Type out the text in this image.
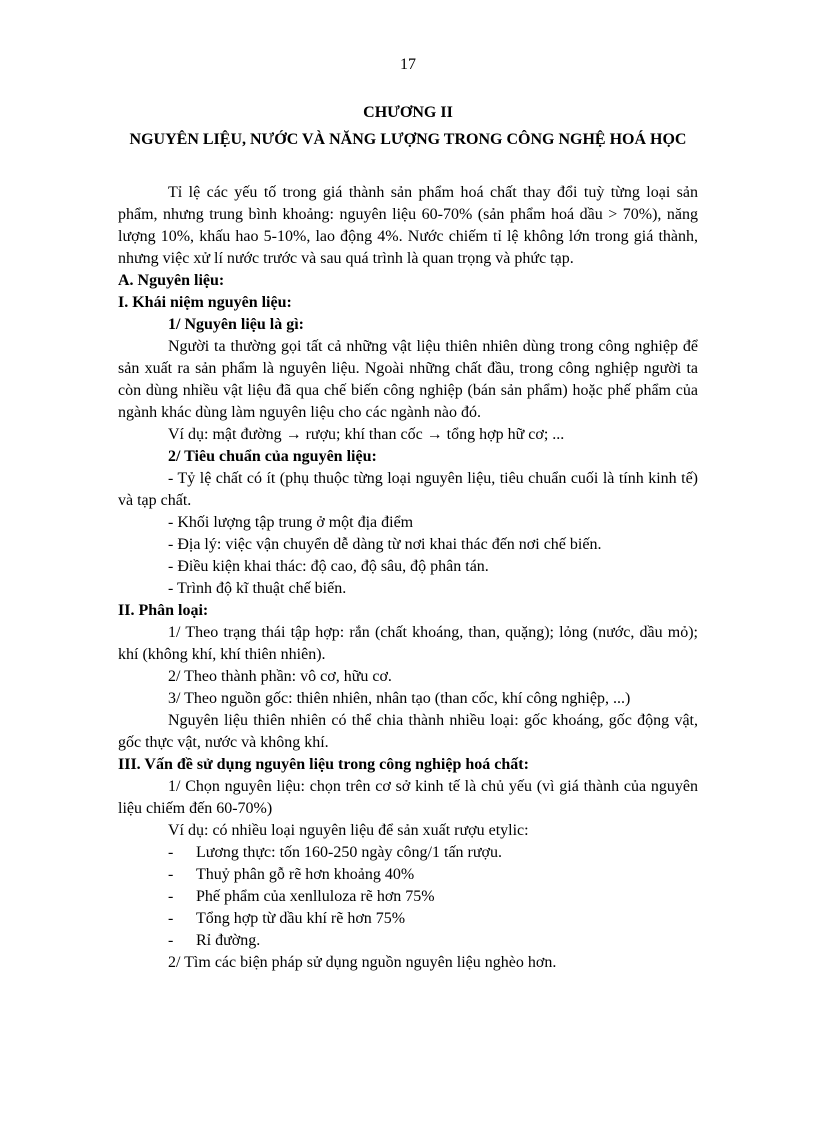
17
CHƯƠNG II
NGUYÊN LIỆU, NƯỚC VÀ NĂNG LƯỢNG TRONG CÔNG NGHỆ HOÁ HỌC

Tỉ lệ các yếu tố trong giá thành sản phẩm hoá chất thay đổi tuỳ từng loại sản

phẩm, nhưng trung bình khoảng: nguyên liệu 60-70% (sản phẩm hoá dầu > 70%), năng

lượng 10%, khấu hao 5-10%, lao động 4%. Nước chiếm tỉ lệ không lớn trong giá thành,

nhưng việc xử lí nước trước và sau quá trình là quan trọng và phức tạp.

A. Nguyên liệu:

I. Khái niệm nguyên liệu:

1/ Nguyên liệu là gì:

Người ta thường gọi tất cả những vật liệu thiên nhiên dùng trong công nghiệp để

sản xuất ra sản phẩm là nguyên liệu. Ngoài những chất đầu, trong công nghiệp người ta

còn dùng nhiều vật liệu đã qua chế biến công nghiệp (bán sản phẩm) hoặc phế phẩm của

ngành khác dùng làm nguyên liệu cho các ngành nào đó.

Ví dụ: mật đường → rượu; khí than cốc → tổng hợp hữ cơ; ...

2/ Tiêu chuẩn của nguyên liệu:

- Tỷ lệ chất có ít (phụ thuộc từng loại nguyên liệu, tiêu chuẩn cuối là tính kinh tế)

và tạp chất.

- Khối lượng tập trung ở một địa điểm

- Địa lý: việc vận chuyển dễ dàng từ nơi khai thác đến nơi chế biến.

- Điều kiện khai thác: độ cao, độ sâu, độ phân tán.

- Trình độ kĩ thuật chế biến.

II. Phân loại:

1/ Theo trạng thái tập hợp: rắn (chất khoáng, than, quặng); lỏng (nước, dầu mỏ);

khí (không khí, khí thiên nhiên).

2/ Theo thành phần: vô cơ, hữu cơ.

3/ Theo nguồn gốc: thiên nhiên, nhân tạo (than cốc, khí công nghiệp, ...)

Nguyên liệu thiên nhiên có thể chia thành nhiều loại: gốc khoáng, gốc động vật,

gốc thực vật, nước và không khí.

III. Vấn đề sử dụng nguyên liệu trong công nghiệp hoá chất:

1/ Chọn nguyên liệu: chọn trên cơ sở kinh tế là chủ yếu (vì giá thành của nguyên

liệu chiếm đến 60-70%)

Ví dụ: có nhiều loại nguyên liệu để sản xuất rượu etylic:

-	Lương thực: tốn 160-250 ngày công/1 tấn rượu.
-	Thuỷ phân gỗ rẽ hơn khoảng 40%
-	Phế phẩm của xenlluloza rẽ hơn 75%
-	Tổng hợp từ dầu khí rẽ hơn 75%
-	Rỉ đường.

2/ Tìm các biện pháp sử dụng nguồn nguyên liệu nghèo hơn.
